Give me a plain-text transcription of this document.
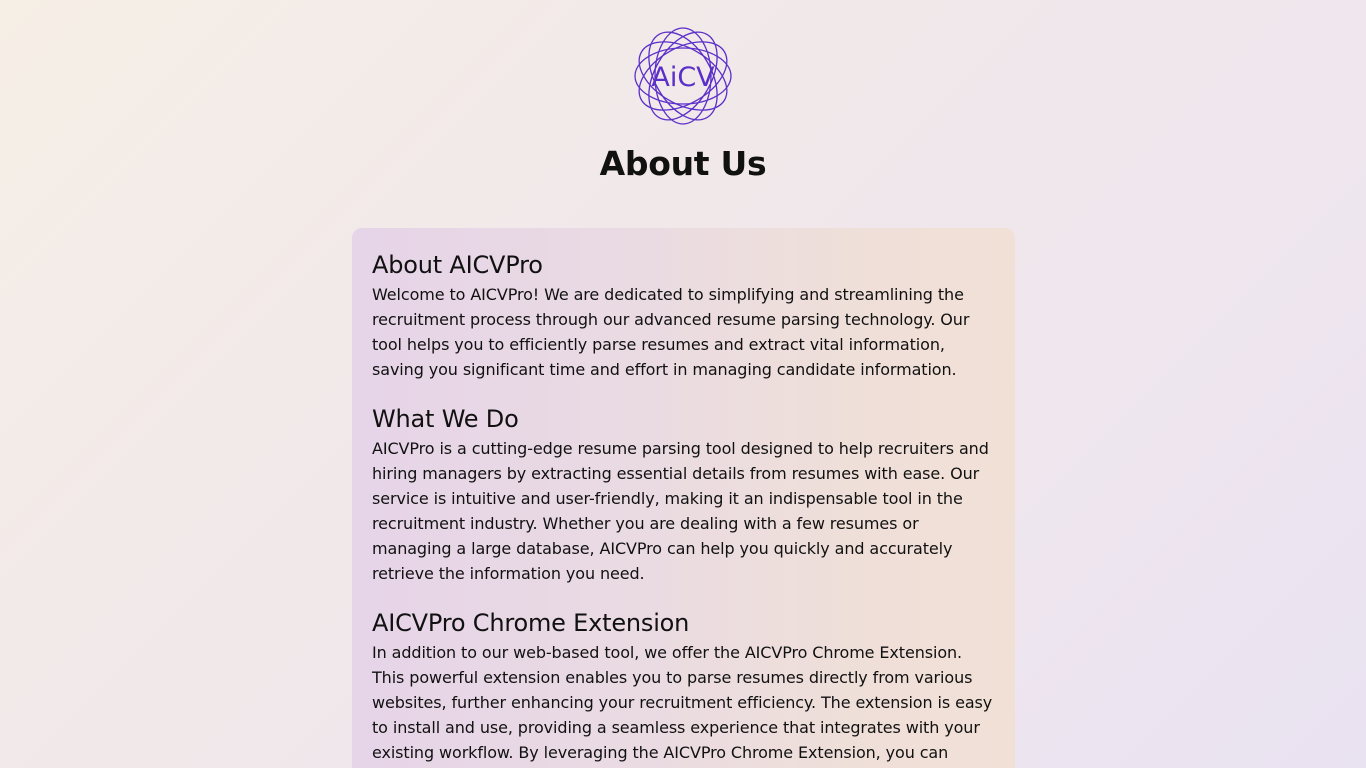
AiCV
About Us
About AICVPro

Welcome to AICVPro! We are dedicated to simplifying and streamlining the recruitment process through our advanced resume parsing technology. Our tool helps you to efficiently parse resumes and extract vital information, saving you significant time and effort in managing candidate information.

What We Do

AICVPro is a cutting-edge resume parsing tool designed to help recruiters and hiring managers by extracting essential details from resumes with ease. Our service is intuitive and user-friendly, making it an indispensable tool in the recruitment industry. Whether you are dealing with a few resumes or managing a large database, AICVPro can help you quickly and accurately retrieve the information you need.

AICVPro Chrome Extension

In addition to our web-based tool, we offer the AICVPro Chrome Extension. This powerful extension enables you to parse resumes directly from various websites, further enhancing your recruitment efficiency. The extension is easy to install and use, providing a seamless experience that integrates with your existing workflow. By leveraging the AICVPro Chrome Extension, you can
